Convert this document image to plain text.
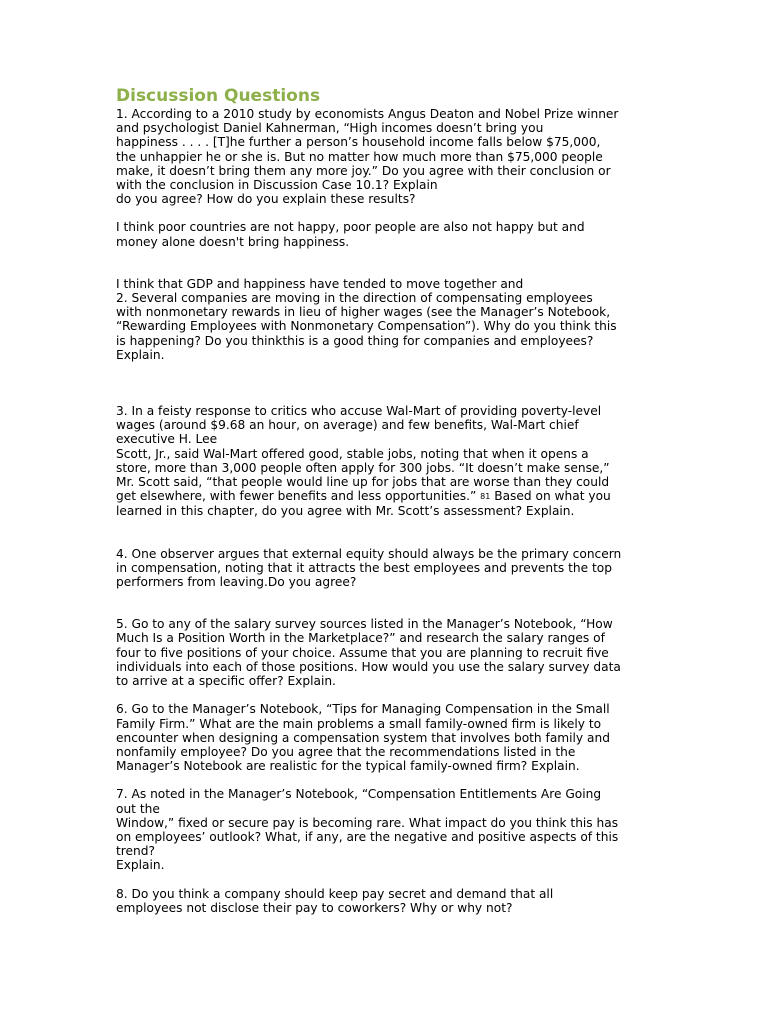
Discussion Questions
1. According to a 2010 study by economists Angus Deaton and Nobel Prize winner
and psychologist Daniel Kahnerman, “High incomes doesn’t bring you
happiness . . . . [T]he further a person’s household income falls below $75,000,
the unhappier he or she is. But no matter how much more than $75,000 people
make, it doesn’t bring them any more joy.” Do you agree with their conclusion or
with the conclusion in Discussion Case 10.1? Explain
do you agree? How do you explain these results?
I think poor countries are not happy, poor people are also not happy but and
money alone doesn't bring happiness.
I think that GDP and happiness have tended to move together and
2. Several companies are moving in the direction of compensating employees
with nonmonetary rewards in lieu of higher wages (see the Manager’s Notebook,
“Rewarding Employees with Nonmonetary Compensation”). Why do you think this
is happening? Do you thinkthis is a good thing for companies and employees?
Explain.
3. In a feisty response to critics who accuse Wal-Mart of providing poverty-level
wages (around $9.68 an hour, on average) and few benefits, Wal-Mart chief
executive H. Lee
Scott, Jr., said Wal-Mart offered good, stable jobs, noting that when it opens a
store, more than 3,000 people often apply for 300 jobs. “It doesn’t make sense,”
Mr. Scott said, “that people would line up for jobs that are worse than they could
get elsewhere, with fewer benefits and less opportunities.” 81 Based on what you
learned in this chapter, do you agree with Mr. Scott’s assessment? Explain.
4. One observer argues that external equity should always be the primary concern
in compensation, noting that it attracts the best employees and prevents the top
performers from leaving.Do you agree?
5. Go to any of the salary survey sources listed in the Manager’s Notebook, “How
Much Is a Position Worth in the Marketplace?” and research the salary ranges of
four to five positions of your choice. Assume that you are planning to recruit five
individuals into each of those positions. How would you use the salary survey data
to arrive at a specific offer? Explain.
6. Go to the Manager’s Notebook, “Tips for Managing Compensation in the Small
Family Firm.” What are the main problems a small family-owned firm is likely to
encounter when designing a compensation system that involves both family and
nonfamily employee? Do you agree that the recommendations listed in the
Manager’s Notebook are realistic for the typical family-owned firm? Explain.
7. As noted in the Manager’s Notebook, “Compensation Entitlements Are Going
out the
Window,” fixed or secure pay is becoming rare. What impact do you think this has
on employees’ outlook? What, if any, are the negative and positive aspects of this
trend?
Explain.
8. Do you think a company should keep pay secret and demand that all
employees not disclose their pay to coworkers? Why or why not?
